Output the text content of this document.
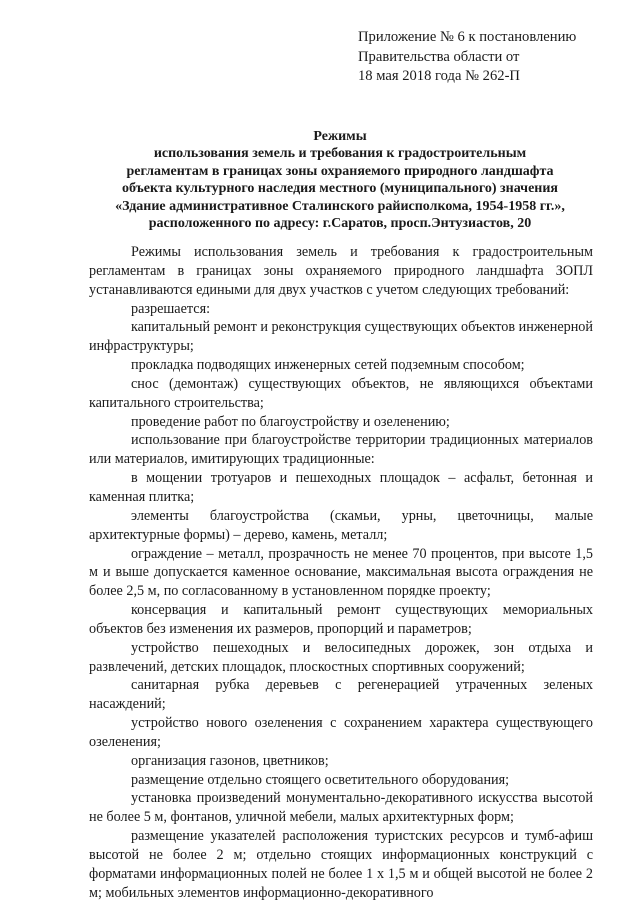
Приложение № 6 к постановлению
Правительства области от
18 мая 2018 года № 262-П
Режимы
использования земель и требования к градостроительным
регламентам в границах зоны охраняемого природного ландшафта
объекта культурного наследия местного (муниципального) значения
«Здание административное Сталинского райисполкома, 1954-1958 гг.»,
расположенного по адресу: г.Саратов, просп.Энтузиастов, 20

Режимы использования земель и требования к градостроительным регламентам в границах зоны охраняемого природного ландшафта ЗОПЛ устанавливаются едиными для двух участков с учетом следующих требований:

разрешается:

капитальный ремонт и реконструкция существующих объектов инженерной инфраструктуры;

прокладка подводящих инженерных сетей подземным способом;

снос (демонтаж) существующих объектов, не являющихся объектами капитального строительства;

проведение работ по благоустройству и озеленению;

использование при благоустройстве территории традиционных материалов или материалов, имитирующих традиционные:

в мощении тротуаров и пешеходных площадок – асфальт, бетонная и каменная плитка;

элементы благоустройства (скамьи, урны, цветочницы, малые архитектурные формы) – дерево, камень, металл;

ограждение – металл, прозрачность не менее 70 процентов, при высоте 1,5 м и выше допускается каменное основание, максимальная высота ограждения не более 2,5 м, по согласованному в установленном порядке проекту;

консервация и капитальный ремонт существующих мемориальных объектов без изменения их размеров, пропорций и параметров;

устройство пешеходных и велосипедных дорожек, зон отдыха и развлечений, детских площадок, плоскостных спортивных сооружений;

санитарная рубка деревьев с регенерацией утраченных зеленых насаждений;

устройство нового озеленения с сохранением характера существующего озеленения;

организация газонов, цветников;

размещение отдельно стоящего осветительного оборудования;

установка произведений монументально-декоративного искусства высотой не более 5 м, фонтанов, уличной мебели, малых архитектурных форм;

размещение указателей расположения туристских ресурсов и тумб-афиш высотой не более 2 м; отдельно стоящих информационных конструкций с форматами информационных полей не более 1 х 1,5 м и общей высотой не более 2 м; мобильных элементов информационно-декоративного
